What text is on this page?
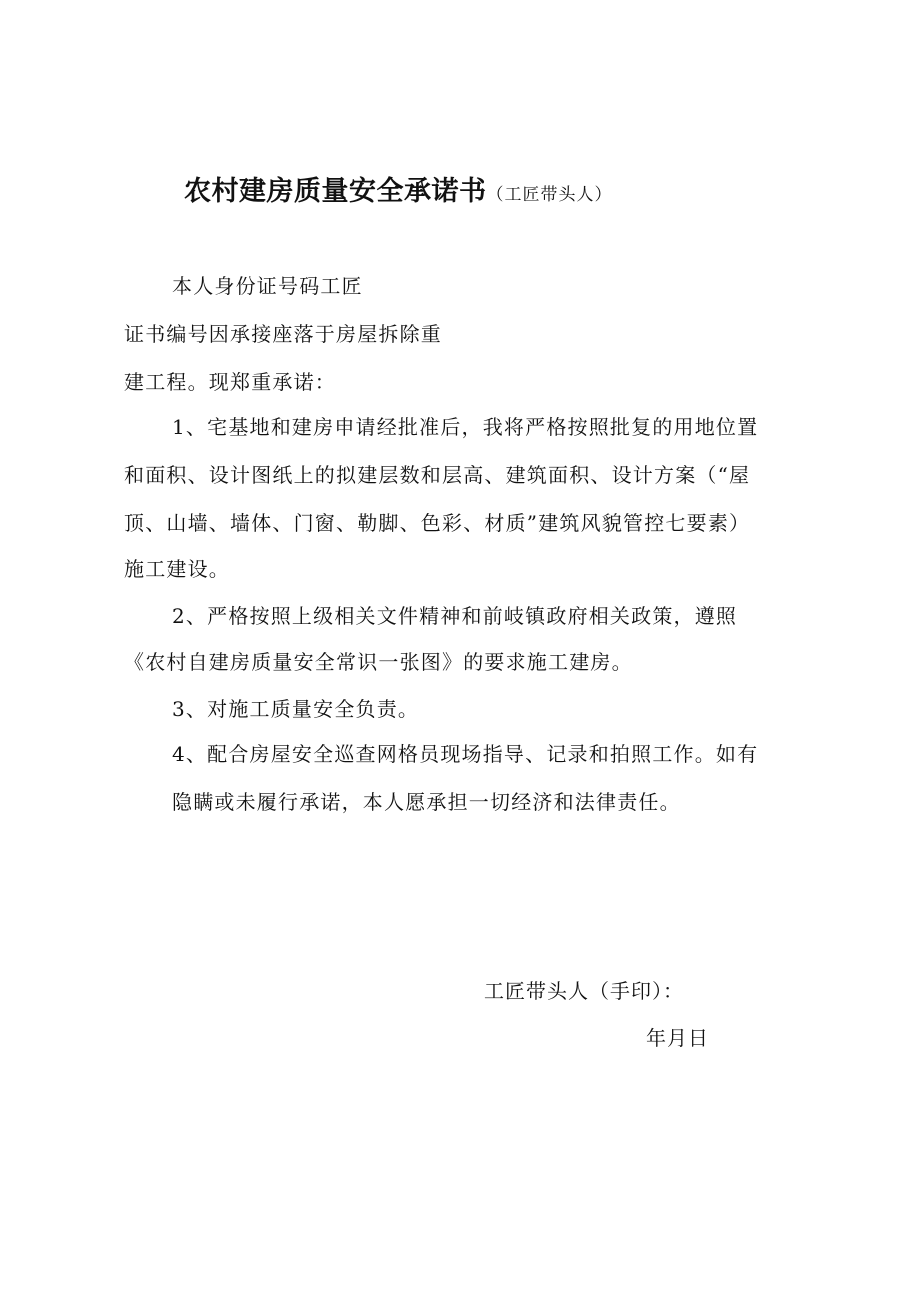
农村建房质量安全承诺书（工匠带头人）
本人身份证号码工匠
证书编号因承接座落于房屋拆除重
建工程。现郑重承诺：
1、宅基地和建房申请经批准后，我将严格按照批复的用地位置
和面积、设计图纸上的拟建层数和层高、建筑面积、设计方案（“屋
顶、山墙、墙体、门窗、勒脚、色彩、材质”建筑风貌管控七要素）
施工建设。
2、严格按照上级相关文件精神和前岐镇政府相关政策，遵照
《农村自建房质量安全常识一张图》的要求施工建房。
3、对施工质量安全负责。
4、配合房屋安全巡查网格员现场指导、记录和拍照工作。如有
隐瞒或未履行承诺，本人愿承担一切经济和法律责任。
工匠带头人（手印）：
年月日
